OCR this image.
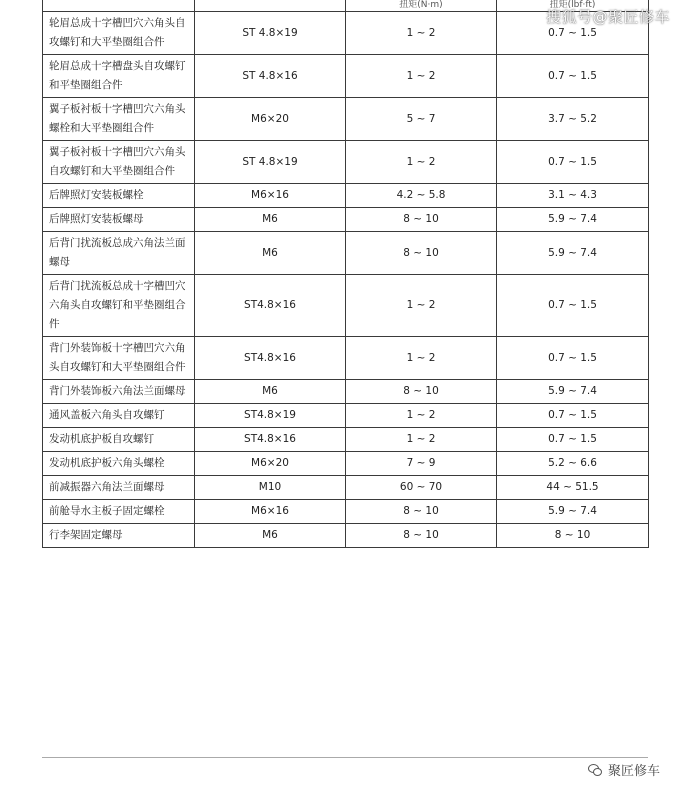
		扭矩(N·m)	扭矩(lbf·ft)
轮眉总成十字槽凹穴六角头自攻螺钉和大平垫圈组合件	ST 4.8×19	1 ~ 2	0.7 ~ 1.5
轮眉总成十字槽盘头自攻螺钉和平垫圈组合件	ST 4.8×16	1 ~ 2	0.7 ~ 1.5
翼子板衬板十字槽凹穴六角头螺栓和大平垫圈组合件	M6×20	5 ~ 7	3.7 ~ 5.2
翼子板衬板十字槽凹穴六角头自攻螺钉和大平垫圈组合件	ST 4.8×19	1 ~ 2	0.7 ~ 1.5
后牌照灯安装板螺栓	M6×16	4.2 ~ 5.8	3.1 ~ 4.3
后牌照灯安装板螺母	M6	8 ~ 10	5.9 ~ 7.4
后背门扰流板总成六角法兰面螺母	M6	8 ~ 10	5.9 ~ 7.4
后背门扰流板总成十字槽凹穴六角头自攻螺钉和平垫圈组合件	ST4.8×16	1 ~ 2	0.7 ~ 1.5
背门外装饰板十字槽凹穴六角头自攻螺钉和大平垫圈组合件	ST4.8×16	1 ~ 2	0.7 ~ 1.5
背门外装饰板六角法兰面螺母	M6	8 ~ 10	5.9 ~ 7.4
通风盖板六角头自攻螺钉	ST4.8×19	1 ~ 2	0.7 ~ 1.5
发动机底护板自攻螺钉	ST4.8×16	1 ~ 2	0.7 ~ 1.5
发动机底护板六角头螺栓	M6×20	7 ~ 9	5.2 ~ 6.6
前减振器六角法兰面螺母	M10	60 ~ 70	44 ~ 51.5
前舱导水主板子固定螺栓	M6×16	8 ~ 10	5.9 ~ 7.4
行李架固定螺母	M6	8 ~ 10	8 ~ 10
搜狐号@聚匠修车
聚匠修车
